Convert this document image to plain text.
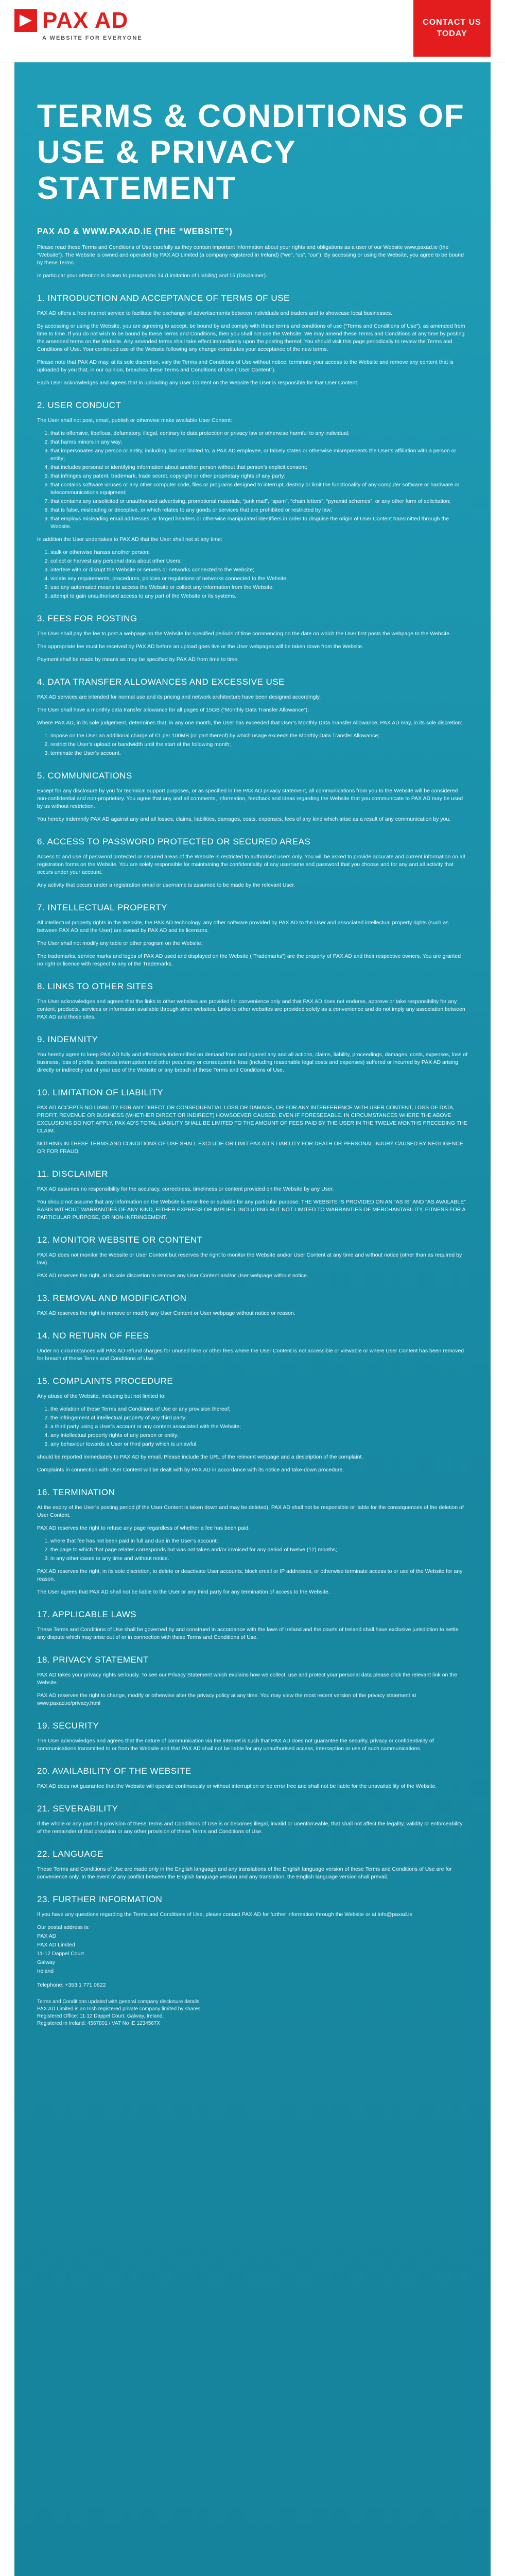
PAX AD
A WEBSITE FOR EVERYONE
CONTACT US
TODAY
TERMS & CONDITIONS OF USE & PRIVACY STATEMENT
PAX AD & WWW.PAXAD.IE (THE “WEBSITE”)

Please read these Terms and Conditions of Use carefully as they contain important information about your rights and obligations as a user of our Website www.paxad.ie (the “Website”). The Website is owned and operated by PAX AD Limited (a company registered in Ireland) (“we”, “us”, “our”). By accessing or using the Website, you agree to be bound by these Terms.

In particular your attention is drawn to paragraphs 14 (Limitation of Liability) and 15 (Disclaimer).

1. INTRODUCTION AND ACCEPTANCE OF TERMS OF USE

PAX AD offers a free internet service to facilitate the exchange of advertisements between individuals and traders and to showcase local businesses.

By accessing or using the Website, you are agreeing to accept, be bound by and comply with these terms and conditions of use (“Terms and Conditions of Use”), as amended from time to time. If you do not wish to be bound by these Terms and Conditions, then you shall not use the Website. We may amend these Terms and Conditions at any time by posting the amended terms on the Website. Any amended terms shall take effect immediately upon the posting thereof. You should visit this page periodically to review the Terms and Conditions of Use. Your continued use of the Website following any change constitutes your acceptance of the new terms.

Please note that PAX AD may, at its sole discretion, vary the Terms and Conditions of Use without notice, terminate your access to the Website and remove any content that is uploaded by you that, in our opinion, breaches these Terms and Conditions of Use (“User Content”).

Each User acknowledges and agrees that in uploading any User Content on the Website the User is responsible for that User Content.

2. USER CONDUCT

The User shall not post, email, publish or otherwise make available User Content:

1. that is offensive, libellous, defamatory, illegal, contrary to data protection or privacy law or otherwise harmful to any individual;
2. that harms minors in any way;
3. that impersonates any person or entity, including, but not limited to, a PAX AD employee, or falsely states or otherwise misrepresents the User’s affiliation with a person or entity;
4. that includes personal or identifying information about another person without that person’s explicit consent;
5. that infringes any patent, trademark, trade secret, copyright or other proprietary rights of any party;
6. that contains software viruses or any other computer code, files or programs designed to interrupt, destroy or limit the functionality of any computer software or hardware or telecommunications equipment;
7. that contains any unsolicited or unauthorised advertising, promotional materials, “junk mail”, “spam”, “chain letters”, “pyramid schemes”, or any other form of solicitation;
8. that is false, misleading or deceptive, or which relates to any goods or services that are prohibited or restricted by law;
9. that employs misleading email addresses, or forged headers or otherwise manipulated identifiers in order to disguise the origin of User Content transmitted through the Website.

In addition the User undertakes to PAX AD that the User shall not at any time:

1. stalk or otherwise harass another person;
2. collect or harvest any personal data about other Users;
3. interfere with or disrupt the Website or servers or networks connected to the Website;
4. violate any requirements, procedures, policies or regulations of networks connected to the Website;
5. use any automated means to access the Website or collect any information from the Website;
6. attempt to gain unauthorised access to any part of the Website or its systems.
3. FEES FOR POSTING

The User shall pay the fee to post a webpage on the Website for specified periods of time commencing on the date on which the User first posts the webpage to the Website.

The appropriate fee must be received by PAX AD before an upload goes live or the User webpages will be taken down from the Website.

Payment shall be made by means as may be specified by PAX AD from time to time.

4. DATA TRANSFER ALLOWANCES AND EXCESSIVE USE

PAX AD services are intended for normal use and its pricing and network architecture have been designed accordingly.

The User shall have a monthly data transfer allowance for all pages of 15GB (“Monthly Data Transfer Allowance”).

Where PAX AD, in its sole judgement, determines that, in any one month, the User has exceeded that User’s Monthly Data Transfer Allowance, PAX AD may, in its sole discretion:

1. impose on the User an additional charge of €1 per 100MB (or part thereof) by which usage exceeds the Monthly Data Transfer Allowance;
2. restrict the User’s upload or bandwidth until the start of the following month;
3. terminate the User’s account.
5. COMMUNICATIONS

Except for any disclosure by you for technical support purposes, or as specified in the PAX AD privacy statement, all communications from you to the Website will be considered non-confidential and non-proprietary. You agree that any and all comments, information, feedback and ideas regarding the Website that you communicate to PAX AD may be used by us without restriction.

You hereby indemnify PAX AD against any and all losses, claims, liabilities, damages, costs, expenses, fees of any kind which arise as a result of any communication by you.

6. ACCESS TO PASSWORD PROTECTED OR SECURED AREAS

Access to and use of password protected or secured areas of the Website is restricted to authorised users only. You will be asked to provide accurate and current information on all registration forms on the Website. You are solely responsible for maintaining the confidentiality of any username and password that you choose and for any and all activity that occurs under your account.

Any activity that occurs under a registration email or username is assumed to be made by the relevant User.

7. INTELLECTUAL PROPERTY

All intellectual property rights in the Website, the PAX AD technology, any other software provided by PAX AD to the User and associated intellectual property rights (such as between PAX AD and the User) are owned by PAX AD and its licensors.

The User shall not modify any table or other program on the Website.

The trademarks, service marks and logos of PAX AD used and displayed on the Website (“Trademarks”) are the property of PAX AD and their respective owners. You are granted no right or licence with respect to any of the Trademarks.

8. LINKS TO OTHER SITES

The User acknowledges and agrees that the links to other websites are provided for convenience only and that PAX AD does not endorse, approve or take responsibility for any content, products, services or information available through other websites. Links to other websites are provided solely as a convenience and do not imply any association between PAX AD and those sites.

9. INDEMNITY

You hereby agree to keep PAX AD fully and effectively indemnified on demand from and against any and all actions, claims, liability, proceedings, damages, costs, expenses, loss of business, loss of profits, business interruption and other pecuniary or consequential loss (including reasonable legal costs and expenses) suffered or incurred by PAX AD arising directly or indirectly out of your use of the Website or any breach of these Terms and Conditions of Use.

10. LIMITATION OF LIABILITY

PAX AD ACCEPTS NO LIABILITY FOR ANY DIRECT OR CONSEQUENTIAL LOSS OR DAMAGE, OR FOR ANY INTERFERENCE WITH USER CONTENT, LOSS OF DATA, PROFIT, REVENUE OR BUSINESS (WHETHER DIRECT OR INDIRECT) HOWSOEVER CAUSED, EVEN IF FORESEEABLE. IN CIRCUMSTANCES WHERE THE ABOVE EXCLUSIONS DO NOT APPLY, PAX AD’S TOTAL LIABILITY SHALL BE LIMITED TO THE AMOUNT OF FEES PAID BY THE USER IN THE TWELVE MONTHS PRECEDING THE CLAIM.

NOTHING IN THESE TERMS AND CONDITIONS OF USE SHALL EXCLUDE OR LIMIT PAX AD’S LIABILITY FOR DEATH OR PERSONAL INJURY CAUSED BY NEGLIGENCE OR FOR FRAUD.

11. DISCLAIMER

PAX AD assumes no responsibility for the accuracy, correctness, timeliness or content provided on the Website by any User.

You should not assume that any information on the Website is error-free or suitable for any particular purpose. THE WEBSITE IS PROVIDED ON AN “AS IS” AND “AS AVAILABLE” BASIS WITHOUT WARRANTIES OF ANY KIND, EITHER EXPRESS OR IMPLIED, INCLUDING BUT NOT LIMITED TO WARRANTIES OF MERCHANTABILITY, FITNESS FOR A PARTICULAR PURPOSE, OR NON-INFRINGEMENT.

12. MONITOR WEBSITE OR CONTENT

PAX AD does not monitor the Website or User Content but reserves the right to monitor the Website and/or User Content at any time and without notice (other than as required by law).

PAX AD reserves the right, at its sole discretion to remove any User Content and/or User webpage without notice.

13. REMOVAL AND MODIFICATION

PAX AD reserves the right to remove or modify any User Content or User webpage without notice or reason.

14. NO RETURN OF FEES

Under no circumstances will PAX AD refund charges for unused time or other fees where the User Content is not accessible or viewable or where User Content has been removed for breach of these Terms and Conditions of Use.

15. COMPLAINTS PROCEDURE

Any abuse of the Website, including but not limited to:

1. the violation of these Terms and Conditions of Use or any provision thereof;
2. the infringement of intellectual property of any third party;
3. a third party using a User’s account or any content associated with the Website;
4. any intellectual property rights of any person or entity;
5. any behaviour towards a User or third party which is unlawful.

should be reported immediately to PAX AD by email. Please include the URL of the relevant webpage and a description of the complaint.

Complaints in connection with User Content will be dealt with by PAX AD in accordance with its notice and take-down procedure.

16. TERMINATION

At the expiry of the User’s posting period (if the User Content is taken down and may be deleted), PAX AD shall not be responsible or liable for the consequences of the deletion of User Content.

PAX AD reserves the right to refuse any page regardless of whether a fee has been paid.

1. where that fee has not been paid in full and due in the User’s account;
2. the page to which that page relates corresponds but was not taken and/or invoiced for any period of twelve (12) months;
3. in any other cases or any time and without notice.

PAX AD reserves the right, in its sole discretion, to delete or deactivate User accounts, block email or IP addresses, or otherwise terminate access to or use of the Website for any reason.

The User agrees that PAX AD shall not be liable to the User or any third party for any termination of access to the Website.

17. APPLICABLE LAWS

These Terms and Conditions of Use shall be governed by and construed in accordance with the laws of Ireland and the courts of Ireland shall have exclusive jurisdiction to settle any dispute which may arise out of or in connection with these Terms and Conditions of Use.

18. PRIVACY STATEMENT

PAX AD takes your privacy rights seriously. To see our Privacy Statement which explains how we collect, use and protect your personal data please click the relevant link on the Website.

PAX AD reserves the right to change, modify or otherwise alter the privacy policy at any time. You may view the most recent version of the privacy statement at www.paxad.ie/privacy.html

19. SECURITY

The User acknowledges and agrees that the nature of communication via the internet is such that PAX AD does not guarantee the security, privacy or confidentiality of communications transmitted to or from the Website and that PAX AD shall not be liable for any unauthorised access, interception or use of such communications.

20. AVAILABILITY OF THE WEBSITE

PAX AD does not guarantee that the Website will operate continuously or without interruption or be error free and shall not be liable for the unavailability of the Website.

21. SEVERABILITY

If the whole or any part of a provision of these Terms and Conditions of Use is or becomes illegal, invalid or unenforceable, that shall not affect the legality, validity or enforceability of the remainder of that provision or any other provision of these Terms and Conditions of Use.

22. LANGUAGE

These Terms and Conditions of Use are made only in the English language and any translations of the English language version of these Terms and Conditions of Use are for convenience only. In the event of any conflict between the English language version and any translation, the English language version shall prevail.

23. FURTHER INFORMATION

If you have any questions regarding the Terms and Conditions of Use, please contact PAX AD for further information through the Website or at info@paxad.ie

Our postal address is:

PAX AD

PAX AD Limited

11-12 Dappel Court

Galway

Ireland

Telephone: +353 1 771 0622

Terms and Conditions updated with general company disclosure details
PAX AD Limited is an Irish registered private company limited by shares.
Registered Office: 11-12 Dappel Court, Galway, Ireland.
Registered in Ireland: 4567801 / VAT No IE 1234567X
